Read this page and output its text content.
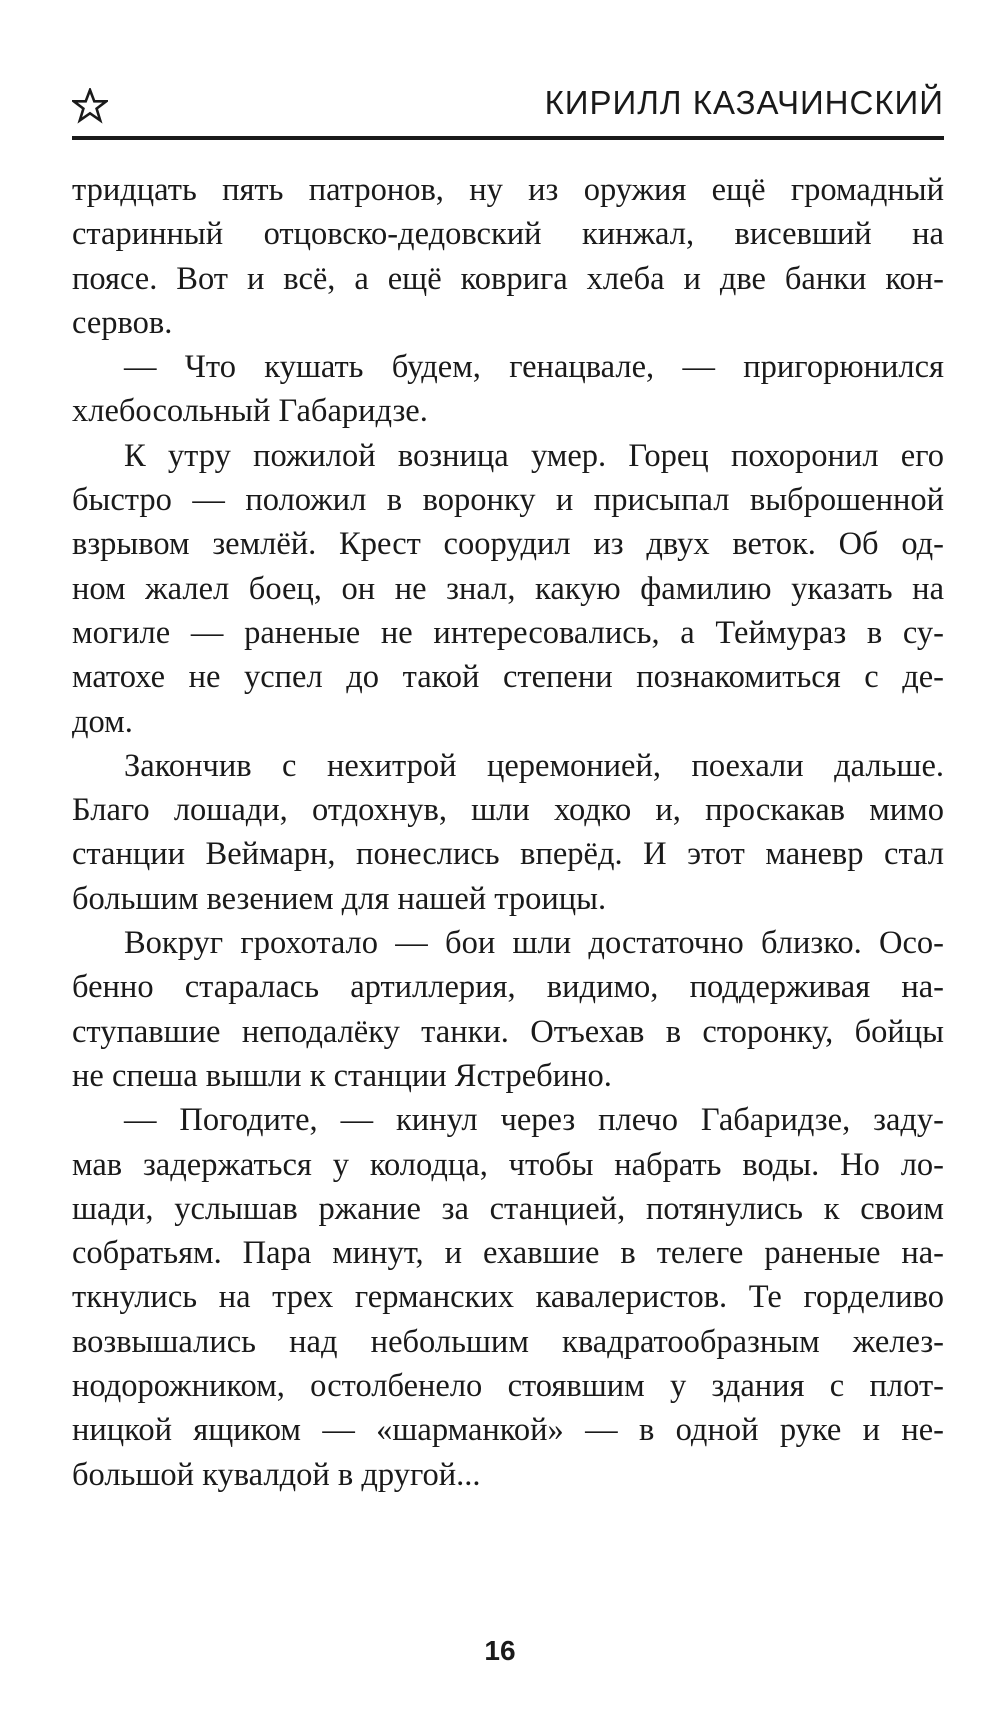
КИРИЛЛ КАЗАЧИНСКИЙ
тридцать пять патронов, ну из оружия ещё громадный
старинный отцовско-дедовский кинжал, висевший на
поясе. Вот и всё, а ещё коврига хлеба и две банки кон-
сервов.
— Что кушать будем, генацвале, — пригорюнился
хлебосольный Габаридзе.
К утру пожилой возница умер. Горец похоронил его
быстро — положил в воронку и присыпал выброшенной
взрывом землёй. Крест соорудил из двух веток. Об од-
ном жалел боец, он не знал, какую фамилию указать на
могиле — раненые не интересовались, а Теймураз в су-
матохе не успел до такой степени познакомиться с де-
дом.
Закончив с нехитрой церемонией, поехали дальше.
Благо лошади, отдохнув, шли ходко и, проскакав мимо
станции Веймарн, понеслись вперёд. И этот маневр стал
большим везением для нашей троицы.
Вокруг грохотало — бои шли достаточно близко. Осо-
бенно старалась артиллерия, видимо, поддерживая на-
ступавшие неподалёку танки. Отъехав в сторонку, бойцы
не спеша вышли к станции Ястребино.
— Погодите, — кинул через плечо Габаридзе, заду-
мав задержаться у колодца, чтобы набрать воды. Но ло-
шади, услышав ржание за станцией, потянулись к своим
собратьям. Пара минут, и ехавшие в телеге раненые на-
ткнулись на трех германских кавалеристов. Те горделиво
возвышались над небольшим квадратообразным желез-
нодорожником, остолбенело стоявшим у здания с плот-
ницкой ящиком — «шарманкой» — в одной руке и не-
большой кувалдой в другой...
16
